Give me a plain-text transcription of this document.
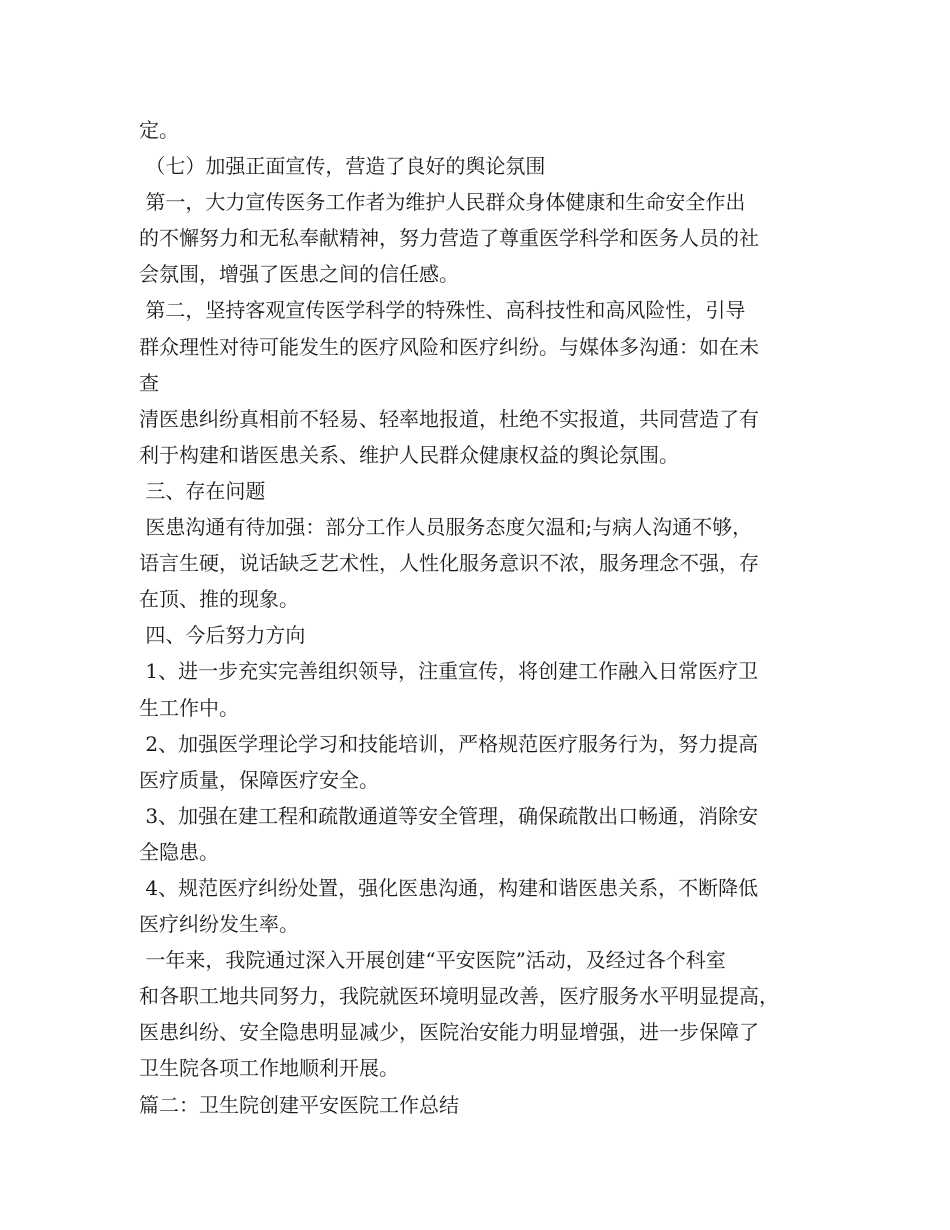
定。
（七）加强正面宣传，营造了良好的舆论氛围
第一，大力宣传医务工作者为维护人民群众身体健康和生命安全作出
的不懈努力和无私奉献精神，努力营造了尊重医学科学和医务人员的社
会氛围，增强了医患之间的信任感。
第二，坚持客观宣传医学科学的特殊性、高科技性和高风险性，引导
群众理性对待可能发生的医疗风险和医疗纠纷。与媒体多沟通：如在未
查
清医患纠纷真相前不轻易、轻率地报道，杜绝不实报道，共同营造了有
利于构建和谐医患关系、维护人民群众健康权益的舆论氛围。
三、存在问题
医患沟通有待加强：部分工作人员服务态度欠温和;与病人沟通不够，
语言生硬，说话缺乏艺术性，人性化服务意识不浓，服务理念不强，存
在顶、推的现象。
四、今后努力方向
1、进一步充实完善组织领导，注重宣传，将创建工作融入日常医疗卫
生工作中。
2、加强医学理论学习和技能培训，严格规范医疗服务行为，努力提高
医疗质量，保障医疗安全。
3、加强在建工程和疏散通道等安全管理，确保疏散出口畅通，消除安
全隐患。
4、规范医疗纠纷处置，强化医患沟通，构建和谐医患关系，不断降低
医疗纠纷发生率。
一年来，我院通过深入开展创建“平安医院”活动，及经过各个科室
和各职工地共同努力，我院就医环境明显改善，医疗服务水平明显提高，
医患纠纷、安全隐患明显减少，医院治安能力明显增强，进一步保障了
卫生院各项工作地顺利开展。
篇二：卫生院创建平安医院工作总结
